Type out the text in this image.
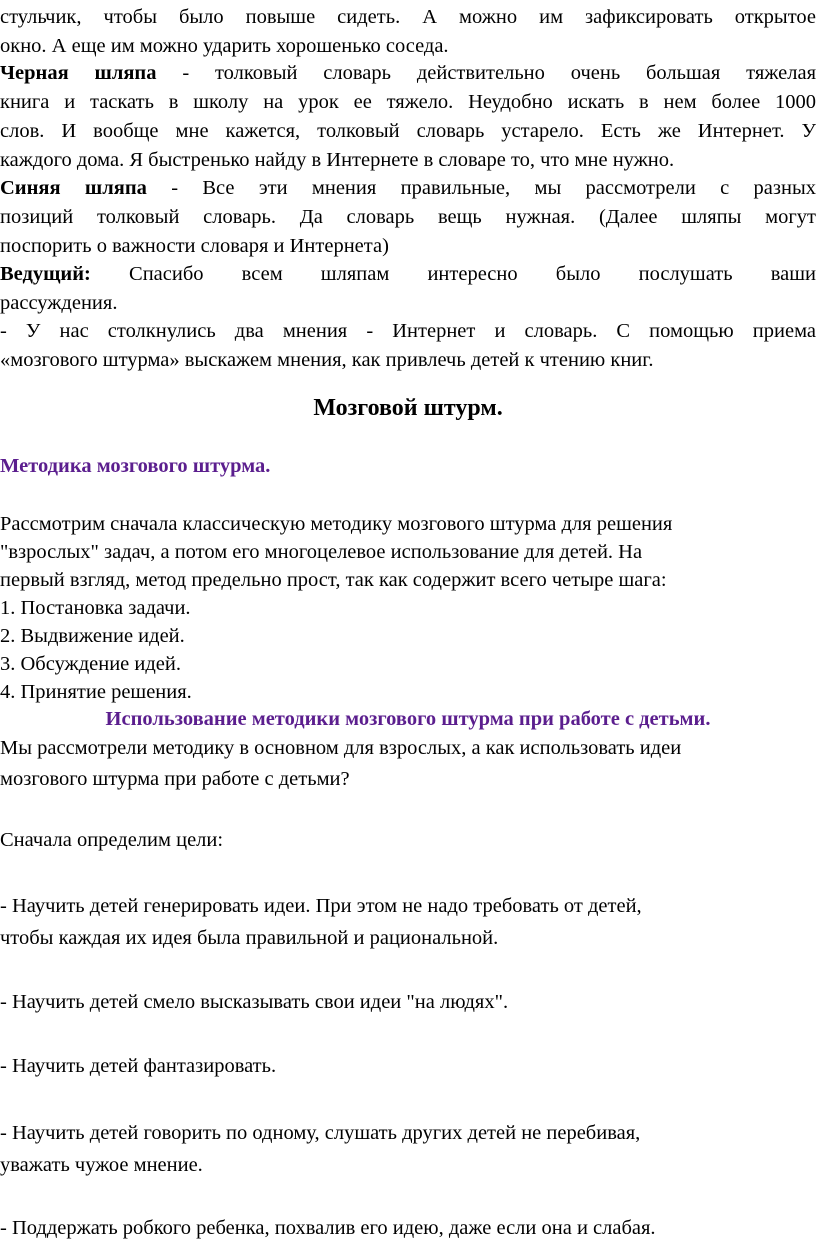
стульчик, чтобы было повыше сидеть. А можно им зафиксировать открытое
окно. А еще им можно ударить хорошенько соседа.
Черная шляпа - толковый словарь действительно очень большая тяжелая
книга и таскать в школу на урок ее тяжело. Неудобно искать в нем более 1000
слов. И вообще мне кажется, толковый словарь устарело. Есть же Интернет. У
каждого дома. Я быстренько найду в Интернете в словаре то, что мне нужно.
Синяя шляпа - Все эти мнения правильные, мы рассмотрели с разных
позиций толковый словарь. Да словарь вещь нужная. (Далее шляпы могут
поспорить о важности словаря и Интернета)
Ведущий: Спасибо всем шляпам интересно было послушать ваши
рассуждения.
- У нас столкнулись два мнения - Интернет и словарь. С помощью приема
«мозгового штурма» выскажем мнения, как привлечь детей к чтению книг.
Мозговой штурм.
Методика мозгового штурма.
Рассмотрим сначала классическую методику мозгового штурма для решения
"взрослых" задач, а потом его многоцелевое использование для детей. На
первый взгляд, метод предельно прост, так как содержит всего четыре шага:
1. Постановка задачи.
2. Выдвижение идей.
3. Обсуждение идей.
4. Принятие решения.
Использование методики мозгового штурма при работе с детьми.
Мы рассмотрели методику в основном для взрослых, а как использовать идеи
мозгового штурма при работе с детьми?
Сначала определим цели:
- Научить детей генерировать идеи. При этом не надо требовать от детей,
чтобы каждая их идея была правильной и рациональной.
- Научить детей смело высказывать свои идеи "на людях".
- Научить детей фантазировать.
- Научить детей говорить по одному, слушать других детей не перебивая,
уважать чужое мнение.
- Поддержать робкого ребенка, похвалив его идею, даже если она и слабая.
